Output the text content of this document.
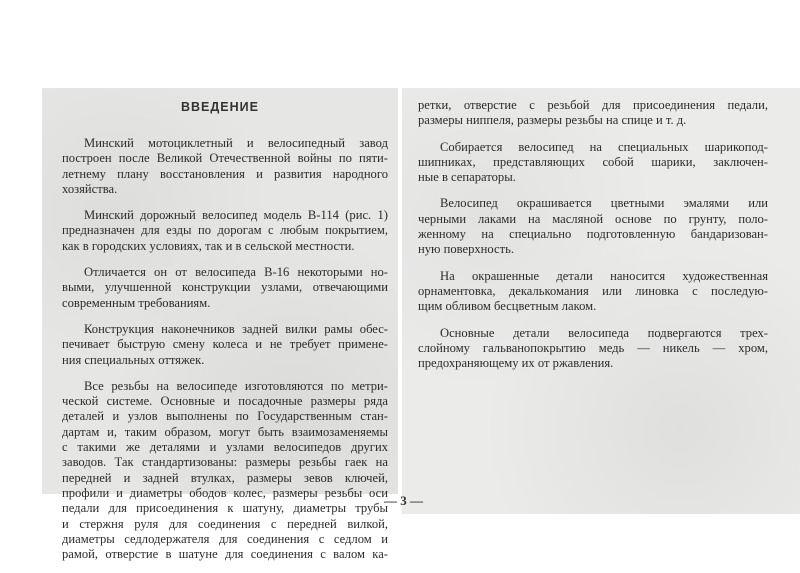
ВВЕДЕНИЕ
Минский мотоциклетный и велосипедный завод
построен после Великой Отечественной войны по пяти-
летнему плану восстановления и развития народного
хозяйства.
Минский дорожный велосипед модель В-114 (рис. 1)
предназначен для езды по дорогам с любым покрытием,
как в городских условиях, так и в сельской местности.
Отличается он от велосипеда В-16 некоторыми но-
выми, улучшенной конструкции узлами, отвечающими
современным требованиям.
Конструкция наконечников задней вилки рамы обес-
печивает быструю смену колеса и не требует примене-
ния специальных оттяжек.
Все резьбы на велосипеде изготовляются по метри-
ческой системе. Основные и посадочные размеры ряда
деталей и узлов выполнены по Государственным стан-
дартам и, таким образом, могут быть взаимозаменяемы
с такими же деталями и узлами велосипедов других
заводов. Так стандартизованы: размеры резьбы гаек на
передней и задней втулках, размеры зевов ключей,
профили и диаметры ободов колес, размеры резьбы оси
педали для присоединения к шатуну, диаметры трубы
и стержня руля для соединения с передней вилкой,
диаметры седлодержателя для соединения с седлом и
рамой, отверстие в шатуне для соединения с валом ка-
ретки, отверстие с резьбой для присоединения педали,
размеры ниппеля, размеры резьбы на спице и т. д.
Собирается велосипед на специальных шарикопод-
шипниках, представляющих собой шарики, заключен-
ные в сепараторы.
Велосипед окрашивается цветными эмалями или
черными лаками на масляной основе по грунту, поло-
женному на специально подготовленную бандаризован-
ную поверхность.
На окрашенные детали наносится художественная
орнаментовка, декалькомания или линовка с последую-
щим обливом бесцветным лаком.
Основные детали велосипеда подвергаются трех-
слойному гальванопокрытию медь — никель — хром,
предохраняющему их от ржавления.
— 3 —
